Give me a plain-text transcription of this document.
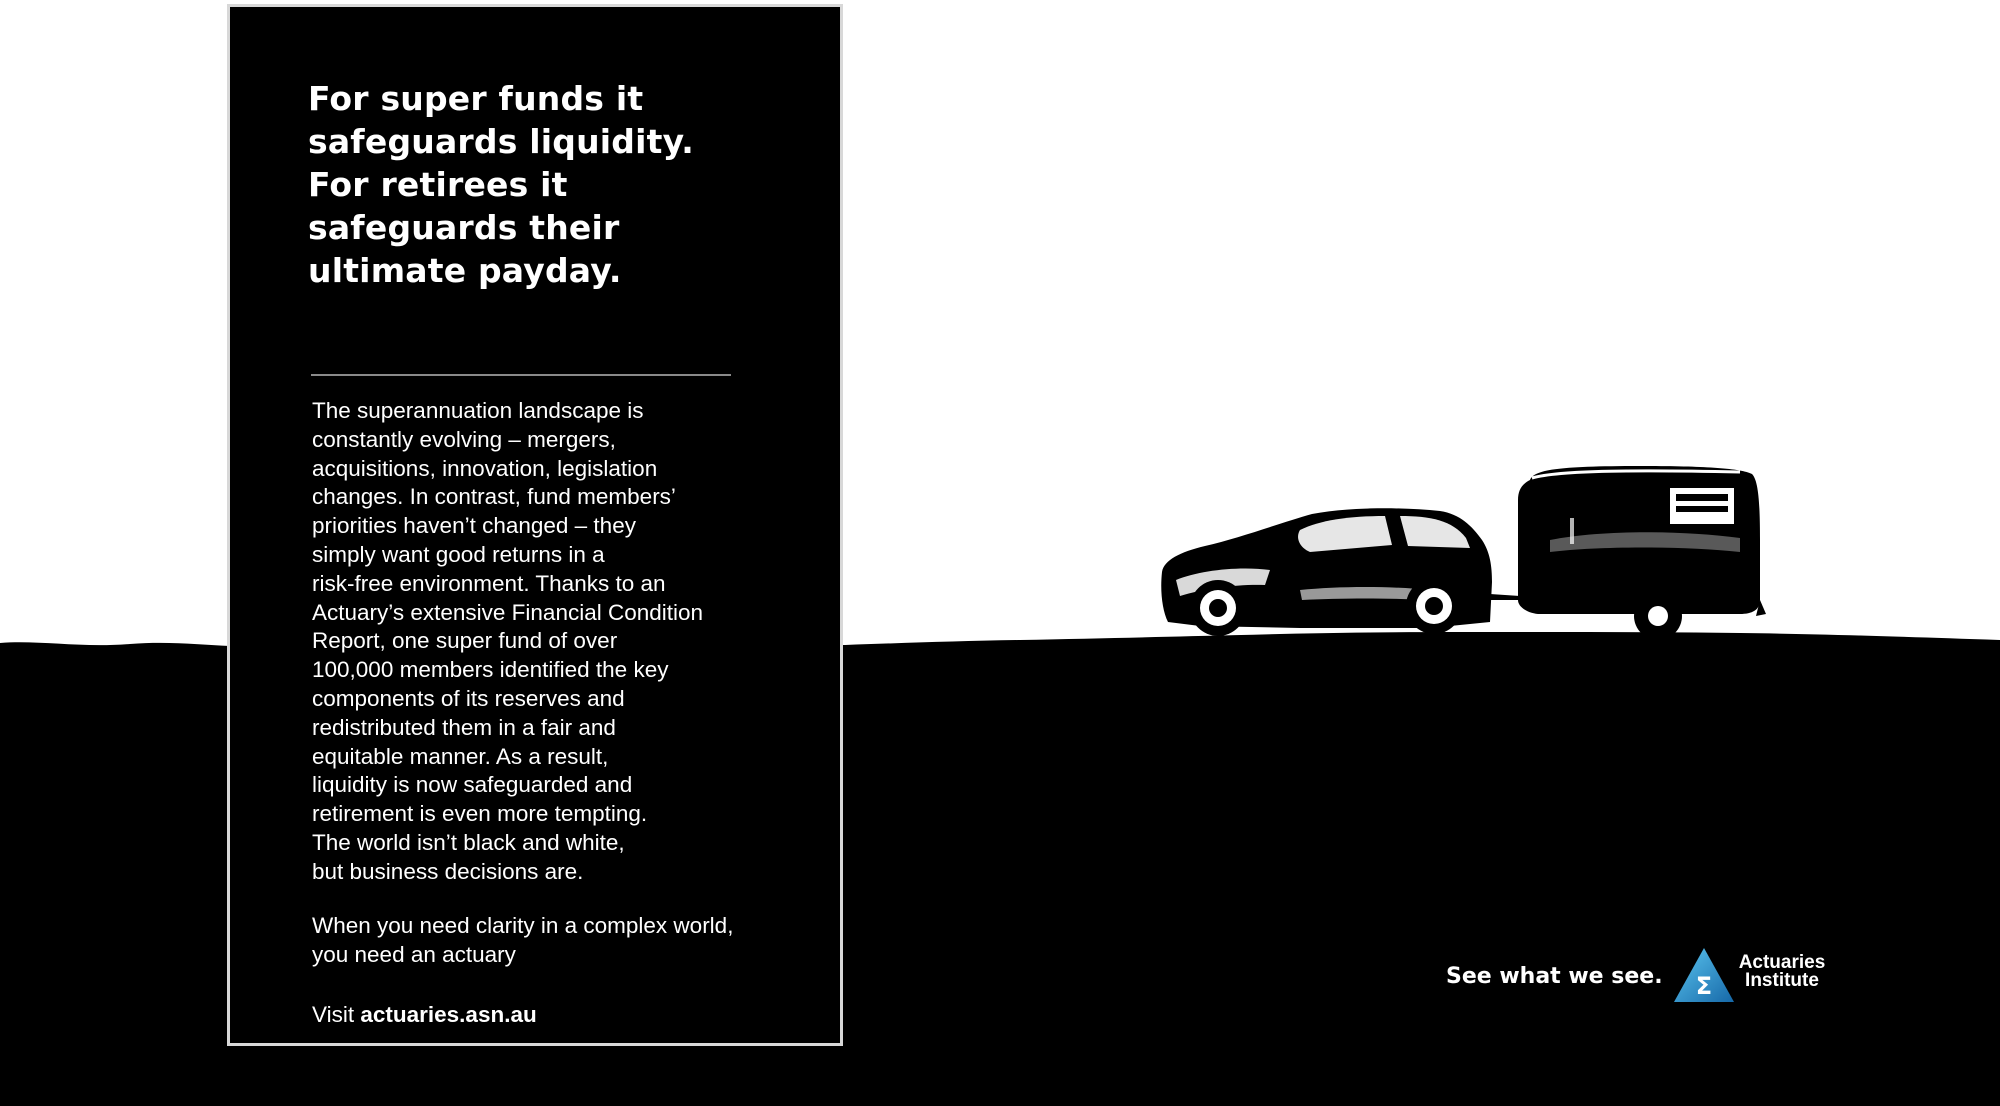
For super funds it
safeguards liquidity.
For retirees it
safeguards their
ultimate payday.
The superannuation landscape is
constantly evolving – mergers,
acquisitions, innovation, legislation
changes. In contrast, fund members’
priorities haven’t changed – they
simply want good returns in a
risk-free environment. Thanks to an
Actuary’s extensive Financial Condition
Report, one super fund of over
100,000 members identified the key
components of its reserves and
redistributed them in a fair and
equitable manner. As a result,
liquidity is now safeguarded and
retirement is even more tempting.
The world isn’t black and white,
but business decisions are.
When you need clarity in a complex world,
you need an actuary
Visit actuaries.asn.au
See what we see. Σ
Actuaries
Institute
